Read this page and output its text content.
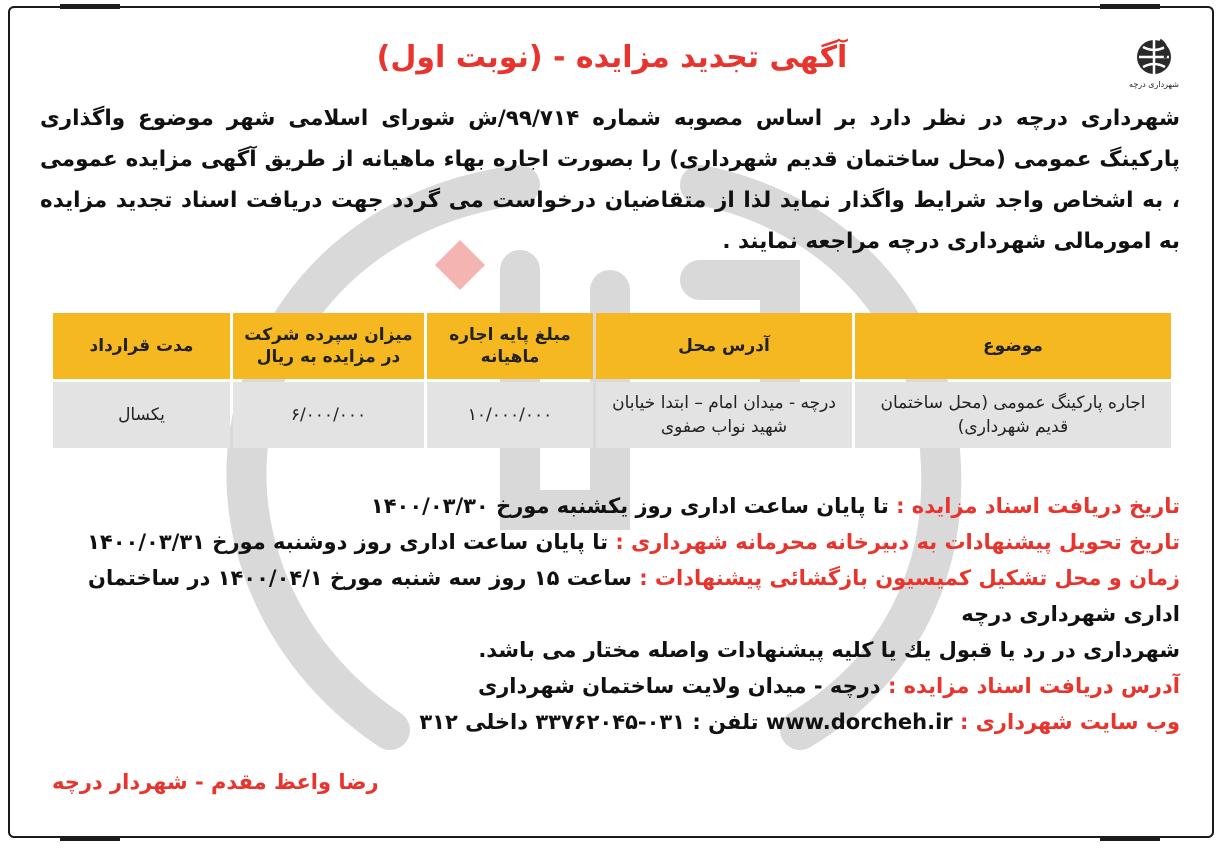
شهرداری درچه
آگهی تجدید مزایده - (نوبت اول)
شهرداری درچه در نظر دارد بر اساس مصوبه شماره ۹۹/۷۱۴/ش شورای اسلامی شهر موضوع واگذاری پارکینگ عمومی (محل ساختمان قدیم شهرداری) را بصورت اجاره بهاء ماهیانه از طریق آگهی مزایده عمومی ، به اشخاص واجد شرایط واگذار نماید لذا از متقاضیان درخواست می گردد جهت دریافت اسناد تجدید مزایده به امورمالی شهرداری درچه مراجعه نمایند .
موضوع	آدرس محل	مبلغ پایه اجاره ماهیانه	میزان سپرده شرکت در مزایده به ریال	مدت قرارداد
اجاره پارکینگ عمومی (محل ساختمان قدیم شهرداری)	درچه - میدان امام – ابتدا خیابان شهید نواب صفوی	۱۰/۰۰۰/۰۰۰	۶/۰۰۰/۰۰۰	یکسال
تاریخ دریافت اسناد مزایده : تا پایان ساعت اداری روز یکشنبه مورخ ۱۴۰۰/۰۳/۳۰
تاریخ تحویل پیشنهادات به دبیرخانه محرمانه شهرداری : تا پایان ساعت اداری روز دوشنبه مورخ ۱۴۰۰/۰۳/۳۱
زمان و محل تشکیل کمیسیون بازگشائی پیشنهادات : ساعت ۱۵ روز سه شنبه مورخ ۱۴۰۰/۰۴/۱ در ساختمان اداری شهرداری درچه
شهرداری در رد یا قبول یك یا کلیه پیشنهادات واصله مختار می باشد.
آدرس دریافت اسناد مزایده : درچه - میدان ولایت ساختمان شهرداری
وب سایت شهرداری : www.dorcheh.ir تلفن : ۰۳۱-۳۳۷۶۲۰۴۵ داخلی ۳۱۲
رضا واعظ مقدم - شهردار درچه
